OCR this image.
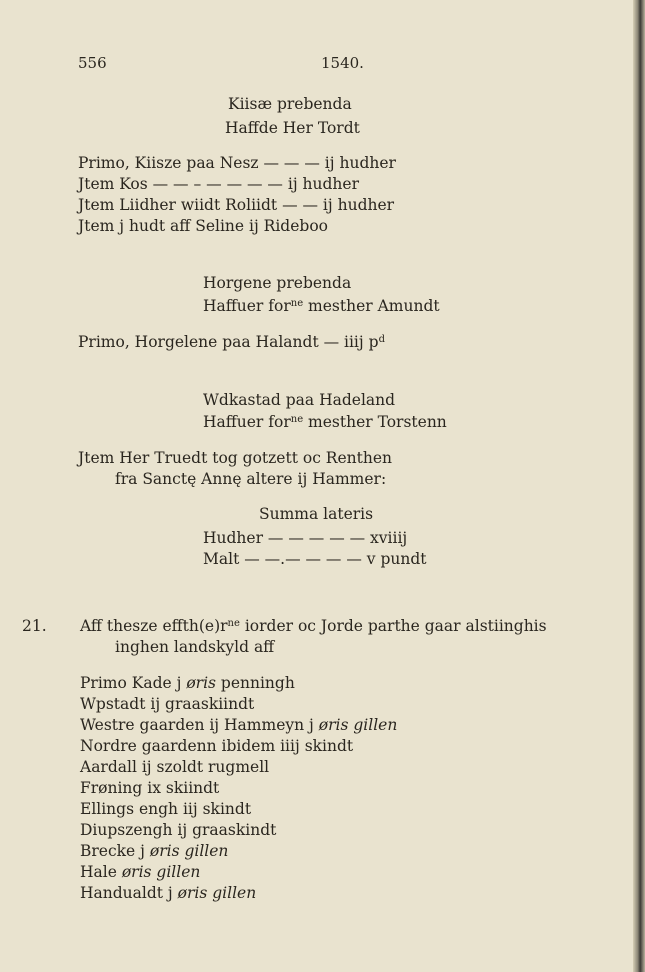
556	1540.
Kiisæ prebenda
Haffde Her Tordt
Primo, Kiisze paa Nesz — — — ij hudher
Jtem Kos — — – — — — — ij hudher
Jtem Liidher wiidt Roliidt — — ij hudher
Jtem j hudt aff Seline ij Rideboo
Horgene prebenda
Haffuer for$^{ne}$ mesther Amundt
Primo, Horgelene paa Halandt — iiij $p^d$
Wdkastad paa Hadeland
Haffuer for$^{ne}$ mesther Torstenn
Jtem Her Truedt tog gotzett oc Renthen
fra Sanctę Annę altere ij Hammer:
Summa lateris
Hudher — — — — — xviiij
Malt — —.— — — — v pundt
21. Aff thesze $effth(e)r^{ne}$ iorder oc Jorde parthe gaar alstiinghis
inghen landskyld aff
Primo Kade j øris penningh
Wpstadt ij graaskiindt
Westre gaarden ij Hammeyn j øris gillen
Nordre gaardenn ibidem iiij skindt
Aardall ij szoldt rugmell
Frøning ix skiindt
Ellings engh iij skindt
Diupszengh ij graaskindt
Brecke j øris gillen
Hale øris gillen
Handualdt j øris gillen
